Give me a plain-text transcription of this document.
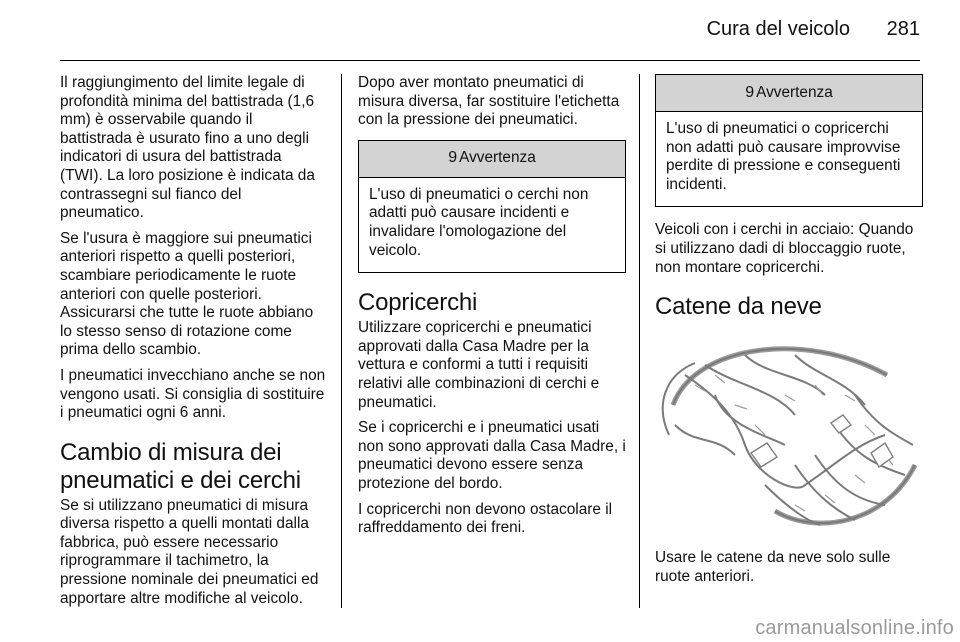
Cura del veicolo 281

Il raggiungimento del limite legale di profondità minima del battistrada (1,6 mm) è osservabile quando il battistrada è usurato fino a uno degli indicatori di usura del battistrada (TWI). La loro posizione è indicata da contrassegni sul fianco del pneumatico.

Se l'usura è maggiore sui pneumatici anteriori rispetto a quelli posteriori, scambiare periodicamente le ruote anteriori con quelle posteriori. Assicurarsi che tutte le ruote abbiano lo stesso senso di rotazione come prima dello scambio.

I pneumatici invecchiano anche se non vengono usati. Si consiglia di sostituire i pneumatici ogni 6 anni.

Cambio di misura dei pneumatici e dei cerchi

Se si utilizzano pneumatici di misura diversa rispetto a quelli montati dalla fabbrica, può essere necessario riprogrammare il tachimetro, la pressione nominale dei pneumatici ed apportare altre modifiche al veicolo.

Dopo aver montato pneumatici di misura diversa, far sostituire l'etichetta con la pressione dei pneumatici.

9 Avvertenza
L'uso di pneumatici o cerchi non adatti può causare incidenti e invalidare l'omologazione del veicolo.
Copricerchi

Utilizzare copricerchi e pneumatici approvati dalla Casa Madre per la vettura e conformi a tutti i requisiti relativi alle combinazioni di cerchi e pneumatici.

Se i copricerchi e i pneumatici usati non sono approvati dalla Casa Madre, i pneumatici devono essere senza protezione del bordo.

I copricerchi non devono ostacolare il raffreddamento dei freni.

9 Avvertenza
L'uso di pneumatici o copricerchi non adatti può causare improvvise perdite di pressione e conseguenti incidenti.

Veicoli con i cerchi in acciaio: Quando si utilizzano dadi di bloccaggio ruote, non montare copricerchi.

Catene da neve

Usare le catene da neve solo sulle ruote anteriori.

carmanualsonline.info
